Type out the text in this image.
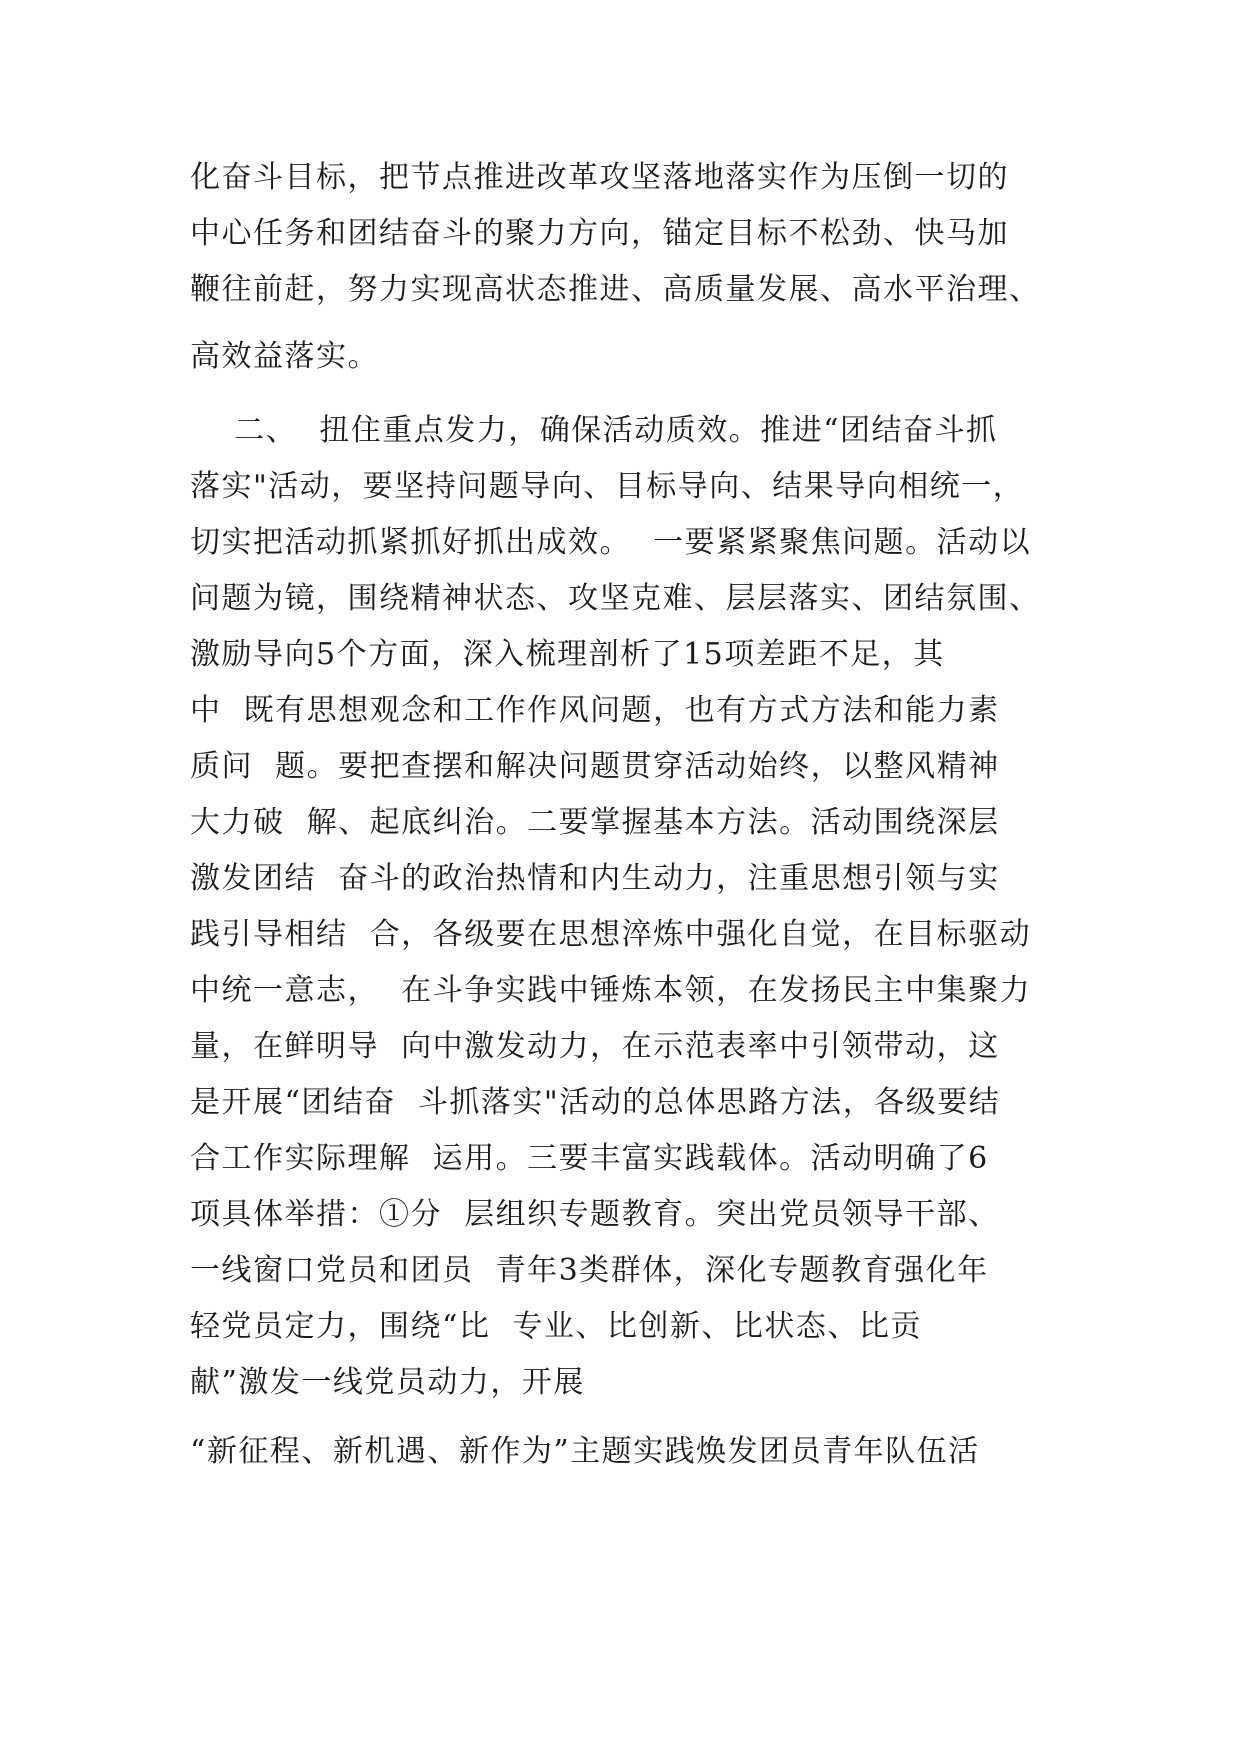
化奋斗目标，把节点推进改革攻坚落地落实作为压倒一切的

中心任务和团结奋斗的聚力方向，锚定目标不松劲、快马加

鞭往前赶，努力实现高状态推进、高质量发展、高水平治理、

高效益落实。

二、  扭住重点发力，确保活动质效。推进“团结奋斗抓

落实"活动，要坚持问题导向、目标导向、结果导向相统一，

切实把活动抓紧抓好抓出成效。  一要紧紧聚焦问题。活动以

问题为镜，围绕精神状态、攻坚克难、层层落实、团结氛围、

激励导向5个方面，深入梳理剖析了15项差距不足，其

中  既有思想观念和工作作风问题，也有方式方法和能力素

质问  题。要把查摆和解决问题贯穿活动始终，以整风精神

大力破  解、起底纠治。二要掌握基本方法。活动围绕深层

激发团结  奋斗的政治热情和内生动力，注重思想引领与实

践引导相结  合，各级要在思想淬炼中强化自觉，在目标驱动

中统一意志，  在斗争实践中锤炼本领，在发扬民主中集聚力

量，在鲜明导  向中激发动力，在示范表率中引领带动，这

是开展“团结奋  斗抓落实"活动的总体思路方法，各级要结

合工作实际理解  运用。三要丰富实践载体。活动明确了6

项具体举措：①分  层组织专题教育。突出党员领导干部、

一线窗口党员和团员  青年3类群体，深化专题教育强化年

轻党员定力，围绕“比  专业、比创新、比状态、比贡

献”激发一线党员动力，开展

“新征程、新机遇、新作为”主题实践焕发团员青年队伍活
